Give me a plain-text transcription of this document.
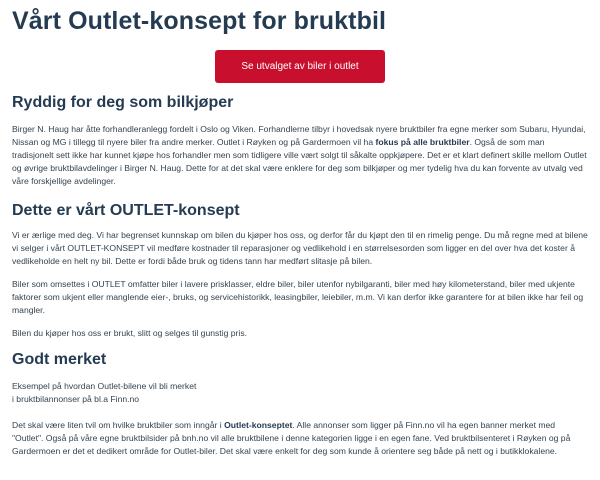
Vårt Outlet-konsept for bruktbil
Se utvalget av biler i outlet
Ryddig for deg som bilkjøper

Birger N. Haug har åtte forhandleranlegg fordelt i Oslo og Viken. Forhandlerne tilbyr i hovedsak nyere bruktbiler fra egne merker som Subaru, Hyundai, Nissan og MG i tillegg til nyere biler fra andre merker. Outlet i Røyken og på Gardermoen vil ha fokus på alle bruktbiler. Også de som man tradisjonelt sett ikke har kunnet kjøpe hos forhandler men som tidligere ville vært solgt til såkalte oppkjøpere. Det er et klart definert skille mellom Outlet og øvrige bruktbilavdelinger i Birger N. Haug. Dette for at det skal være enklere for deg som bilkjøper og mer tydelig hva du kan forvente av utvalg ved våre forskjellige avdelinger.

Dette er vårt OUTLET-konsept

Vi er ærlige med deg. Vi har begrenset kunnskap om bilen du kjøper hos oss, og derfor får du kjøpt den til en rimelig penge. Du må regne med at bilene vi selger i vårt OUTLET-KONSEPT vil medføre kostnader til reparasjoner og vedlikehold i en størrelsesorden som ligger en del over hva det koster å vedlikeholde en helt ny bil. Dette er fordi både bruk og tidens tann har medført slitasje på bilen.

Biler som omsettes i OUTLET omfatter biler i lavere prisklasser, eldre biler, biler utenfor nybilgaranti, biler med høy kilometerstand, biler med ukjente faktorer som ukjent eller manglende eier-, bruks, og servicehistorikk, leasingbiler, leiebiler, m.m. Vi kan derfor ikke garantere for at bilen ikke har feil og mangler.

Bilen du kjøper hos oss er brukt, slitt og selges til gunstig pris.

Godt merket

Eksempel på hvordan Outlet-bilene vil bli merket
i bruktbilannonser på bl.a Finn.no

Det skal være liten tvil om hvilke bruktbiler som inngår i Outlet-konseptet. Alle annonser som ligger på Finn.no vil ha egen banner merket med "Outlet". Også på våre egne bruktbilsider på bnh.no vil alle bruktbilene i denne kategorien ligge i en egen fane. Ved bruktbilsenteret i Røyken og på Gardermoen er det et dedikert område for Outlet-biler. Det skal være enkelt for deg som kunde å orientere seg både på nett og i butikklokalene.
